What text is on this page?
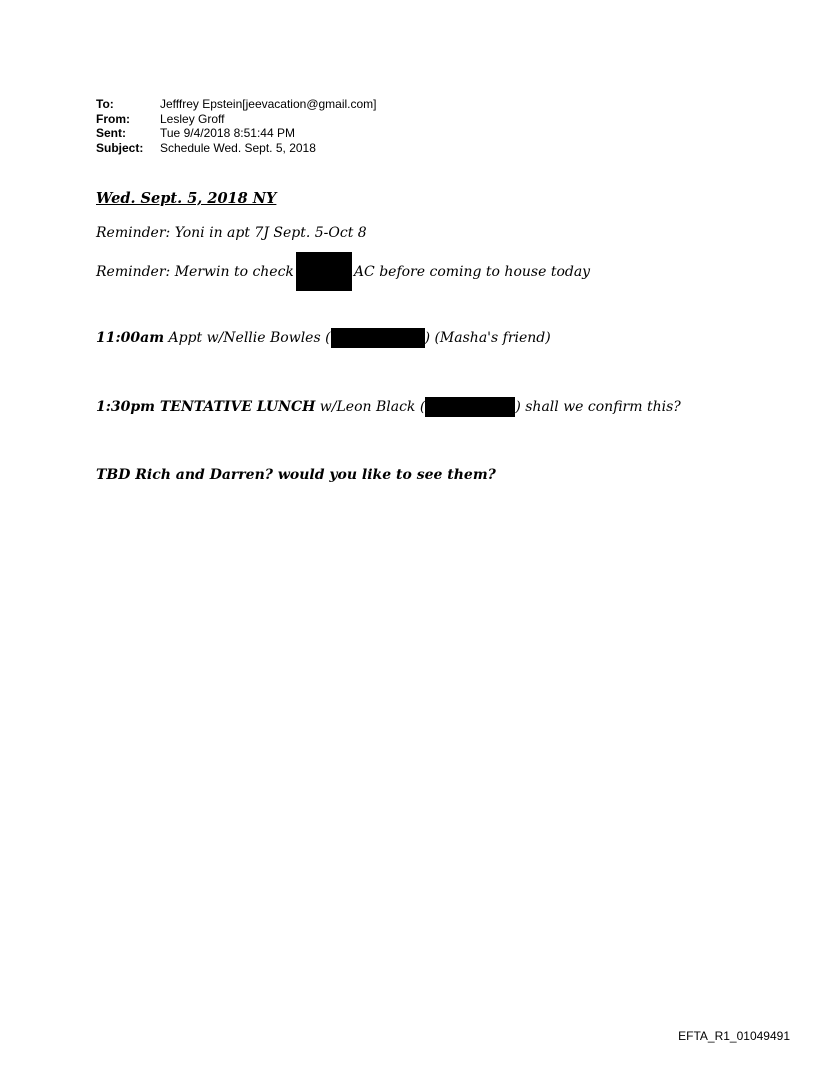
To:	Jefffrey Epstein[jeevacation@gmail.com]
From:	Lesley Groff
Sent:	Tue 9/4/2018 8:51:44 PM
Subject:	Schedule Wed. Sept. 5, 2018
Wed. Sept. 5, 2018 NY
Reminder: Yoni in apt 7J Sept. 5-Oct 8
Reminder: Merwin to check	AC before coming to house today
11:00am Appt w/Nellie Bowles (	) (Masha's friend)
1:30pm TENTATIVE LUNCH w/Leon Black (	) shall we confirm this?
TBD Rich and Darren? would you like to see them?
EFTA_R1_01049491
